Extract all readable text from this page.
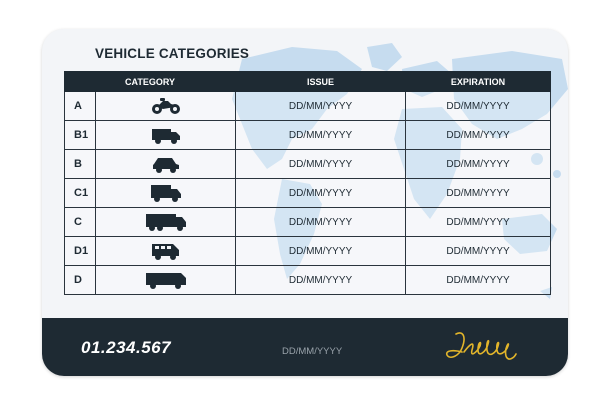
VEHICLE CATEGORIES
CATEGORY		ISSUE	EXPIRATION
A		DD/MM/YYYY	DD/MM/YYYY
B1		DD/MM/YYYY	DD/MM/YYYY
B		DD/MM/YYYY	DD/MM/YYYY
C1		DD/MM/YYYY	DD/MM/YYYY
C		DD/MM/YYYY	DD/MM/YYYY
D1		DD/MM/YYYY	DD/MM/YYYY
D		DD/MM/YYYY	DD/MM/YYYY
01.234.567	DD/MM/YYYY
